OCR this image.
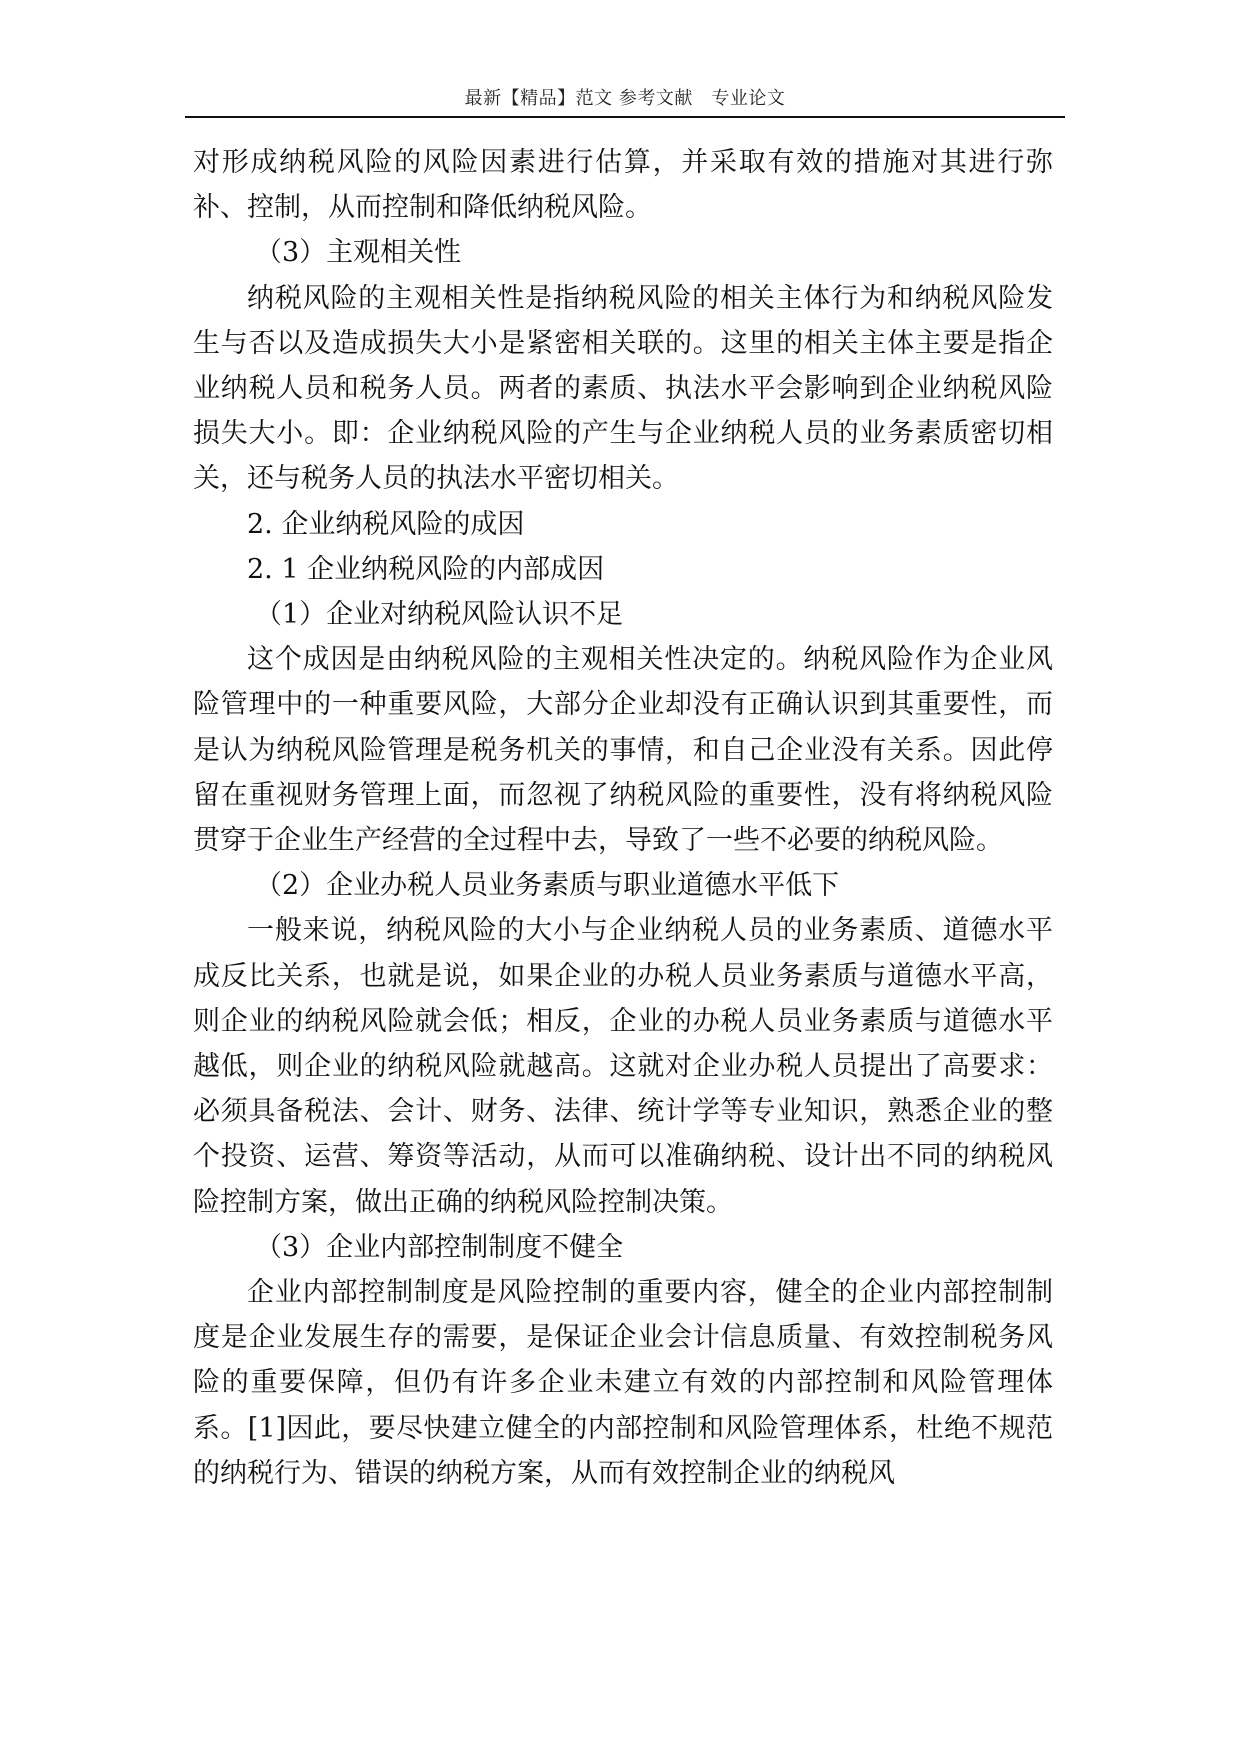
最新【精品】范文 参考文献　专业论文

对形成纳税风险的风险因素进行估算，并采取有效的措施对其进行弥补、控制，从而控制和降低纳税风险。

（3）主观相关性

纳税风险的主观相关性是指纳税风险的相关主体行为和纳税风险发生与否以及造成损失大小是紧密相关联的。这里的相关主体主要是指企业纳税人员和税务人员。两者的素质、执法水平会影响到企业纳税风险损失大小。即：企业纳税风险的产生与企业纳税人员的业务素质密切相关，还与税务人员的执法水平密切相关。

2. 企业纳税风险的成因

2. 1 企业纳税风险的内部成因

（1）企业对纳税风险认识不足

这个成因是由纳税风险的主观相关性决定的。纳税风险作为企业风险管理中的一种重要风险，大部分企业却没有正确认识到其重要性，而是认为纳税风险管理是税务机关的事情，和自己企业没有关系。因此停留在重视财务管理上面，而忽视了纳税风险的重要性，没有将纳税风险贯穿于企业生产经营的全过程中去，导致了一些不必要的纳税风险。

（2）企业办税人员业务素质与职业道德水平低下

一般来说，纳税风险的大小与企业纳税人员的业务素质、道德水平成反比关系，也就是说，如果企业的办税人员业务素质与道德水平高，则企业的纳税风险就会低；相反，企业的办税人员业务素质与道德水平越低，则企业的纳税风险就越高。这就对企业办税人员提出了高要求：必须具备税法、会计、财务、法律、统计学等专业知识，熟悉企业的整个投资、运营、筹资等活动，从而可以准确纳税、设计出不同的纳税风险控制方案，做出正确的纳税风险控制决策。

（3）企业内部控制制度不健全

企业内部控制制度是风险控制的重要内容，健全的企业内部控制制度是企业发展生存的需要，是保证企业会计信息质量、有效控制税务风险的重要保障，但仍有许多企业未建立有效的内部控制和风险管理体系。[1]因此，要尽快建立健全的内部控制和风险管理体系，杜绝不规范的纳税行为、错误的纳税方案，从而有效控制企业的纳税风
